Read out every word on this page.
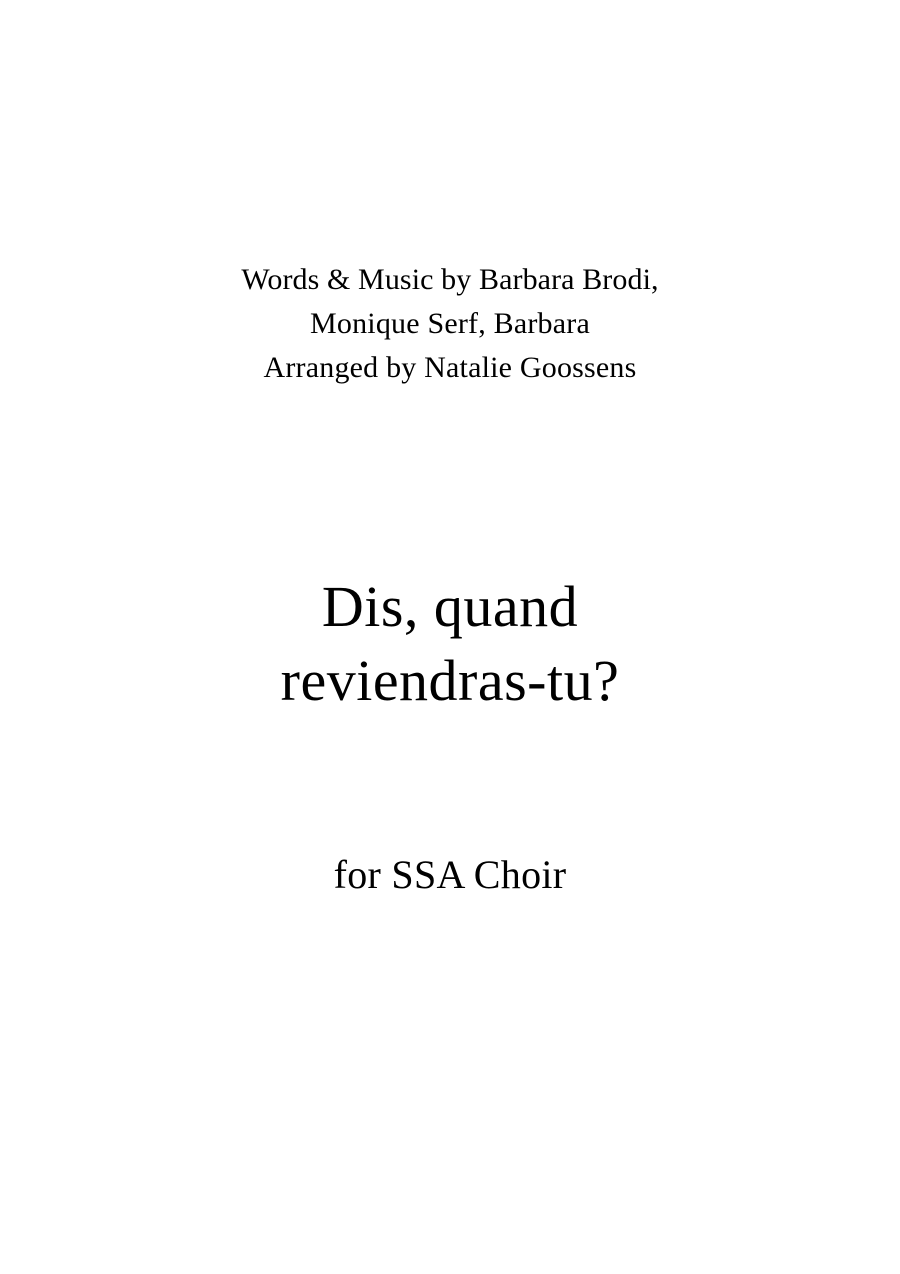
Words & Music by Barbara Brodi,
Monique Serf, Barbara
Arranged by Natalie Goossens
Dis, quand
reviendras-tu?
for SSA Choir
